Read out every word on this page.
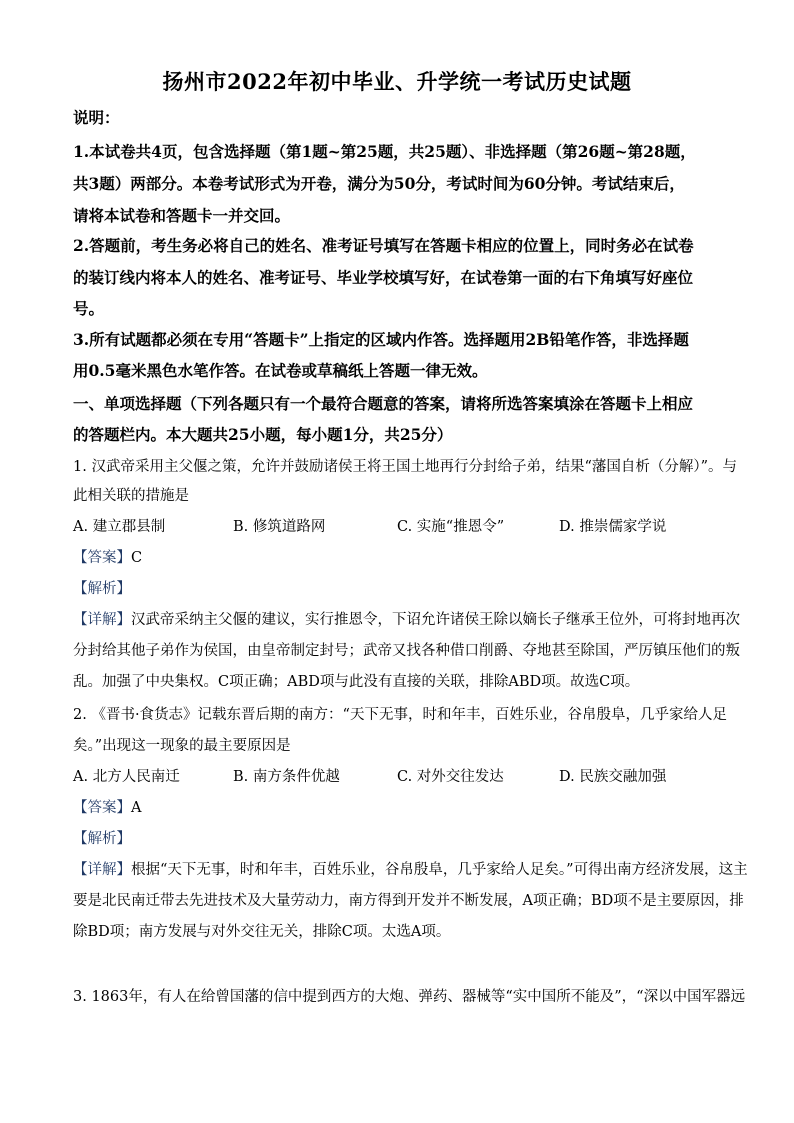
扬州市2022年初中毕业、升学统一考试历史试题
说明：
1.本试卷共4页，包含选择题（第1题~第25题，共25题）、非选择题（第26题~第28题，
共3题）两部分。本卷考试形式为开卷，满分为50分，考试时间为60分钟。考试结束后，
请将本试卷和答题卡一并交回。
2.答题前，考生务必将自己的姓名、准考证号填写在答题卡相应的位置上，同时务必在试卷
的装订线内将本人的姓名、准考证号、毕业学校填写好，在试卷第一面的右下角填写好座位
号。
3.所有试题都必须在专用“答题卡”上指定的区域内作答。选择题用2B铅笔作答，非选择题
用0.5毫米黑色水笔作答。在试卷或草稿纸上答题一律无效。
一、单项选择题（下列各题只有一个最符合题意的答案，请将所选答案填涂在答题卡上相应
的答题栏内。本大题共25小题，每小题1分，共25分）
1. 汉武帝采用主父偃之策，允许并鼓励诸侯王将王国土地再行分封给子弟，结果“藩国自析（分解）”。与
此相关联的措施是
A. 建立郡县制	B. 修筑道路网	C. 实施“推恩令”	D. 推崇儒家学说
【答案】C
【解析】
【详解】汉武帝采纳主父偃的建议，实行推恩令，下诏允许诸侯王除以嫡长子继承王位外，可将封地再次
分封给其他子弟作为侯国，由皇帝制定封号；武帝又找各种借口削爵、夺地甚至除国，严厉镇压他们的叛
乱。加强了中央集权。C项正确；ABD项与此没有直接的关联，排除ABD项。故选C项。
2. 《晋书·食货志》记载东晋后期的南方：“天下无事，时和年丰，百姓乐业，谷帛殷阜，几乎家给人足
矣。”出现这一现象的最主要原因是
A. 北方人民南迁	B. 南方条件优越	C. 对外交往发达	D. 民族交融加强
【答案】A
【解析】
【详解】根据“天下无事，时和年丰，百姓乐业，谷帛殷阜，几乎家给人足矣。”可得出南方经济发展，这主
要是北民南迁带去先进技术及大量劳动力，南方得到开发并不断发展，A项正确；BD项不是主要原因，排
除BD项；南方发展与对外交往无关，排除C项。太选A项。
3. 1863年，有人在给曾国藩的信中提到西方的大炮、弹药、器械等“实中国所不能及”，“深以中国军器远
